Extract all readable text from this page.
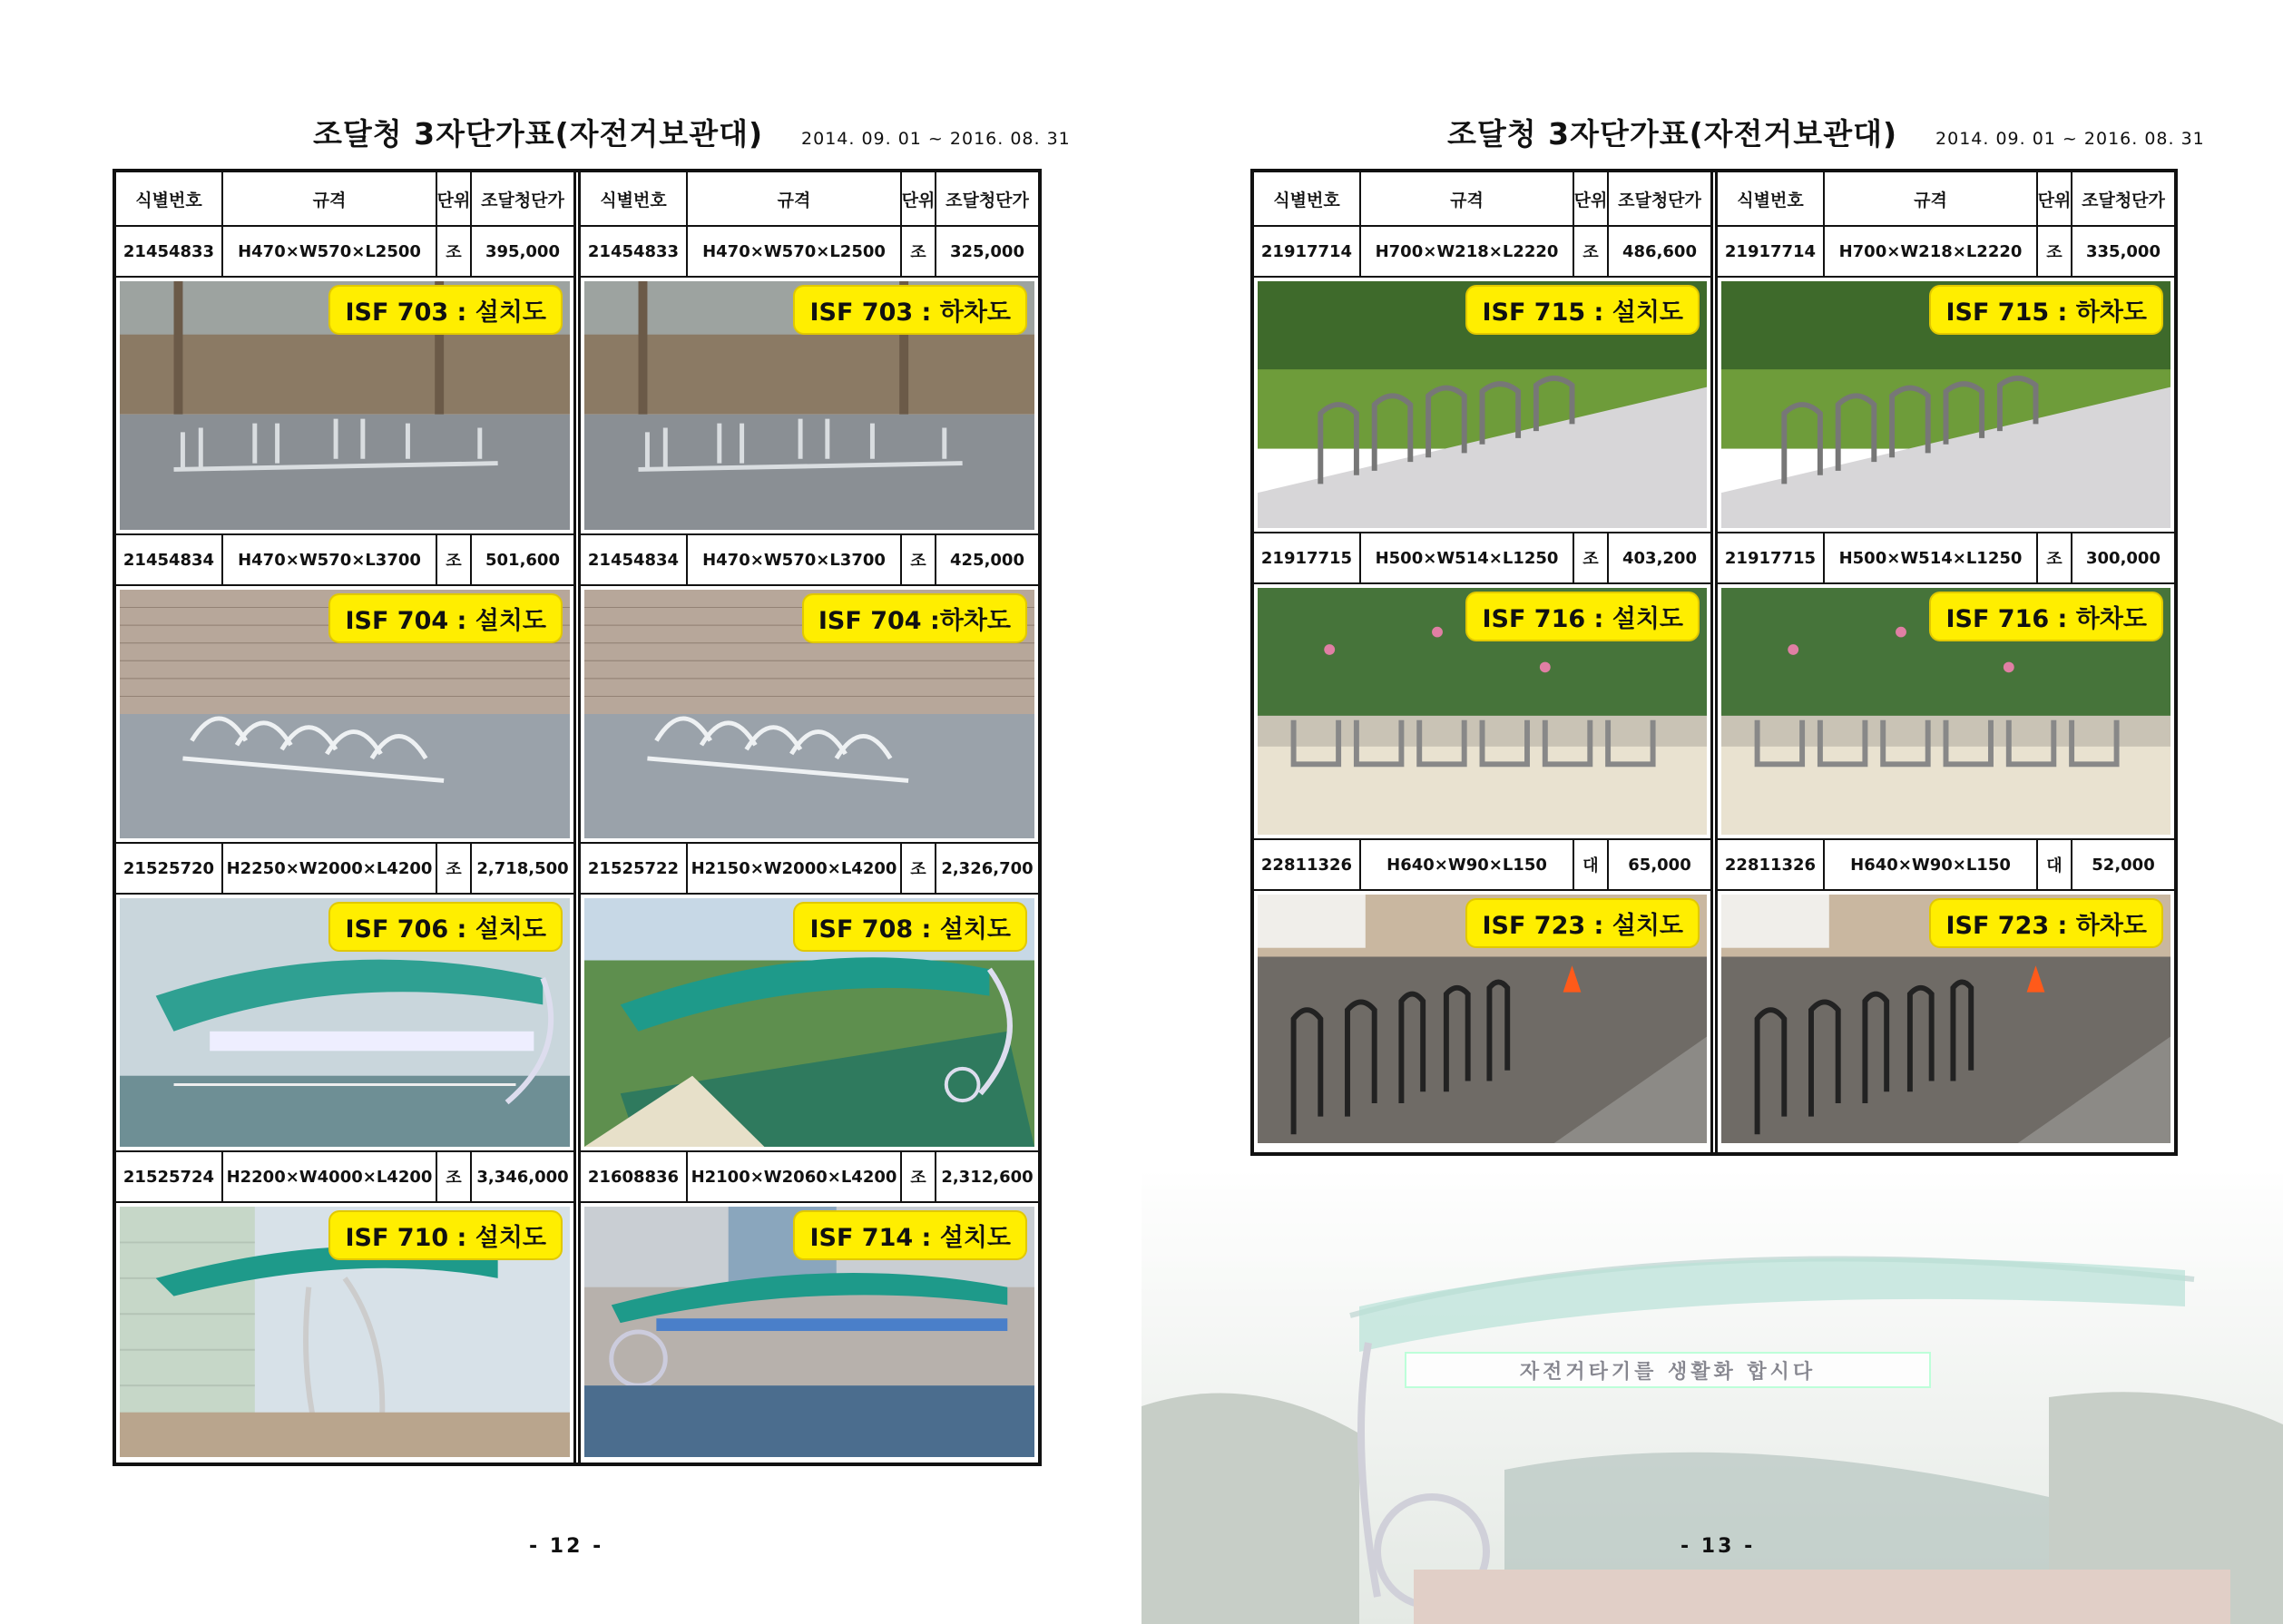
조달청 3자단가표(자전거보관대) 2014. 09. 01 ~ 2016. 08. 31
식별번호	규격	단위 조달청단가
21454833	H470×W570×L2500	조	395,000
ISF 703 : 설치도
21454834	H470×W570×L3700	조	501,600
ISF 704 : 설치도
21525720 H2250×W2000×L4200 조 2,718,500
ISF 706 : 설치도
21525724 H2200×W4000×L4200 조 3,346,000
ISF 710 : 설치도
식별번호	규격	단위 조달청단가
21454833	H470×W570×L2500	조	325,000
ISF 703 : 하차도
21454834	H470×W570×L3700	조	425,000
ISF 704 :하차도
21525722 H2150×W2000×L4200 조 2,326,700
ISF 708 : 설치도
21608836 H2100×W2060×L4200 조 2,312,600
ISF 714 : 설치도
- 12 -
자전거타기를 생활화 합시다
조달청 3자단가표(자전거보관대) 2014. 09. 01 ~ 2016. 08. 31
식별번호	규격	단위 조달청단가
21917714	H700×W218×L2220	조	486,600
ISF 715 : 설치도
21917715	H500×W514×L1250	조	403,200
ISF 716 : 설치도
22811326	H640×W90×L150	대	65,000
ISF 723 : 설치도
식별번호	규격	단위 조달청단가
21917714	H700×W218×L2220	조	335,000
ISF 715 : 하차도
21917715	H500×W514×L1250	조	300,000
ISF 716 : 하차도
22811326	H640×W90×L150	대	52,000
ISF 723 : 하차도
- 13 -
